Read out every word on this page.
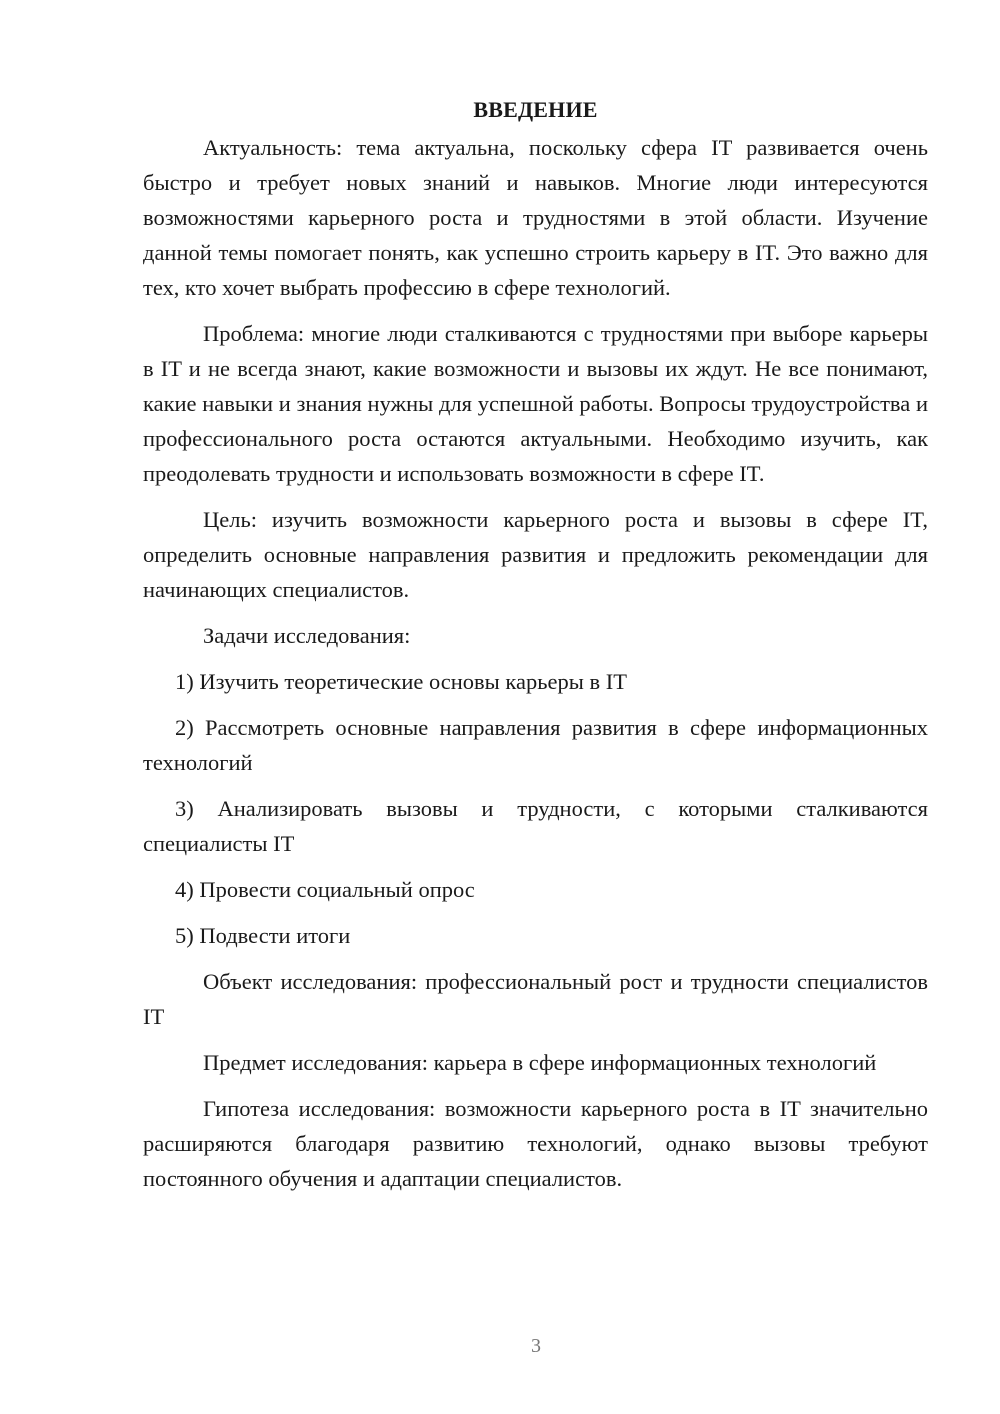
ВВЕДЕНИЕ

Актуальность: тема актуальна, поскольку сфера IT развивается очень быстро и требует новых знаний и навыков. Многие люди интересуются возможностями карьерного роста и трудностями в этой области. Изучение данной темы помогает понять, как успешно строить карьеру в IT. Это важно для тех, кто хочет выбрать профессию в сфере технологий.

Проблема: многие люди сталкиваются с трудностями при выборе карьеры в IT и не всегда знают, какие возможности и вызовы их ждут. Не все понимают, какие навыки и знания нужны для успешной работы. Вопросы трудоустройства и профессионального роста остаются актуальными. Необходимо изучить, как преодолевать трудности и использовать возможности в сфере IT.

Цель: изучить возможности карьерного роста и вызовы в сфере IT, определить основные направления развития и предложить рекомендации для начинающих специалистов.

Задачи исследования:

1) Изучить теоретические основы карьеры в IT

2) Рассмотреть основные направления развития в сфере информационных технологий

3) Анализировать вызовы и трудности, с которыми сталкиваются специалисты IT

4) Провести социальный опрос

5) Подвести итоги

Объект исследования: профессиональный рост и трудности специалистов IT

Предмет исследования: карьера в сфере информационных технологий

Гипотеза исследования: возможности карьерного роста в IT значительно расширяются благодаря развитию технологий, однако вызовы требуют постоянного обучения и адаптации специалистов.

3
